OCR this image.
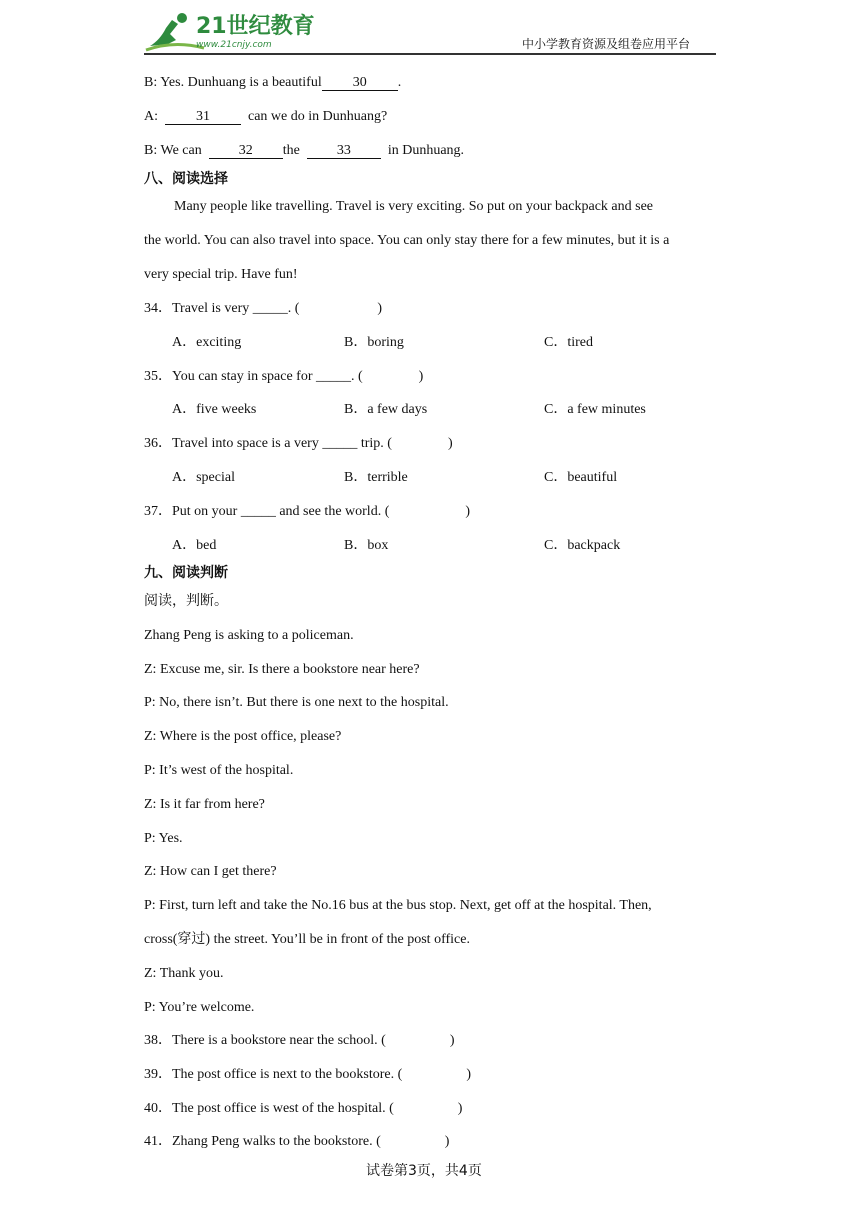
21世纪教育
www.21cnjy.com	中小学教育资源及组卷应用平台
B: Yes. Dunhuang is a beautiful 30 .
A:	31	can we do in Dunhuang?
B: We can	32 the	33	in Dunhuang.
八、阅读选择
Many people like travelling. Travel is very exciting. So put on your backpack and see
the world. You can also travel into space. You can only stay there for a few minutes, but it is a
very special trip. Have fun!
34．Travel is very _____. (	)
A．exciting	B．boring	C．tired
35．You can stay in space for _____. (	)
A．five weeks	B．a few days	C．a few minutes
36．Travel into space is a very _____ trip. (	)
A．special	B．terrible	C．beautiful
37．Put on your _____ and see the world. (	)
A．bed	B．box	C．backpack
九、阅读判断
阅读，判断。
Zhang Peng is asking to a policeman.
Z: Excuse me, sir. Is there a bookstore near here?
P: No, there isn’t. But there is one next to the hospital.
Z: Where is the post office, please?
P: It’s west of the hospital.
Z: Is it far from here?
P: Yes.
Z: How can I get there?
P: First, turn left and take the No.16 bus at the bus stop. Next, get off at the hospital. Then,
cross(穿过) the street. You’ll be in front of the post office.
Z: Thank you.
P: You’re welcome.
38．There is a bookstore near the school. (	)
39．The post office is next to the bookstore. (	)
40．The post office is west of the hospital. (	)
41．Zhang Peng walks to the bookstore. (	)
试卷第3页，共4页
